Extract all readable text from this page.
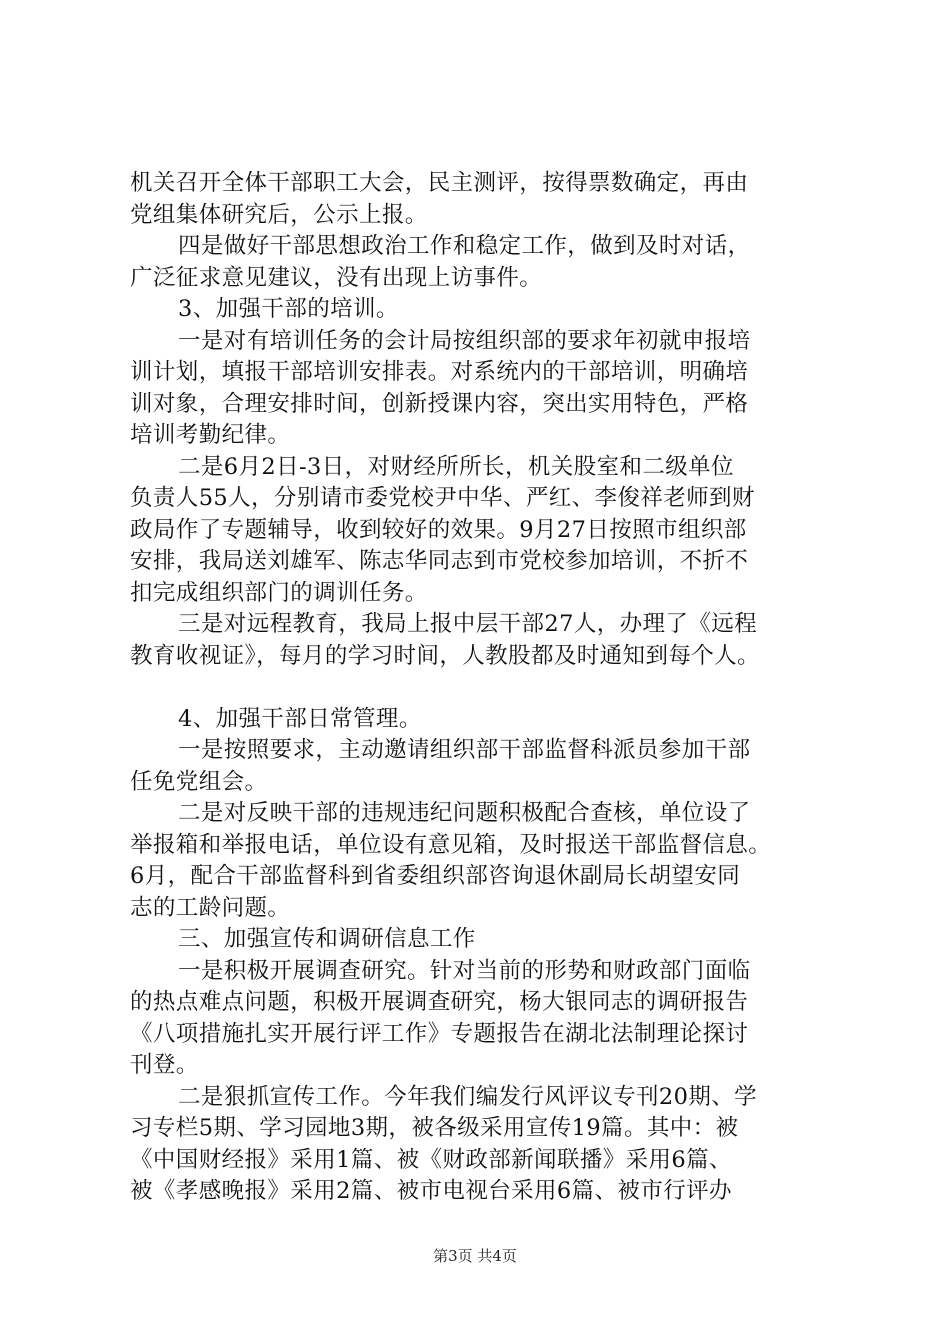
机关召开全体干部职工大会，民主测评，按得票数确定，再由
党组集体研究后，公示上报。
四是做好干部思想政治工作和稳定工作，做到及时对话，
广泛征求意见建议，没有出现上访事件。
3、加强干部的培训。
一是对有培训任务的会计局按组织部的要求年初就申报培
训计划，填报干部培训安排表。对系统内的干部培训，明确培
训对象，合理安排时间，创新授课内容，突出实用特色，严格
培训考勤纪律。
二是6月2日-3日，对财经所所长，机关股室和二级单位
负责人55人，分别请市委党校尹中华、严红、李俊祥老师到财
政局作了专题辅导，收到较好的效果。9月27日按照市组织部
安排，我局送刘雄军、陈志华同志到市党校参加培训，不折不
扣完成组织部门的调训任务。
三是对远程教育，我局上报中层干部27人，办理了《远程
教育收视证》，每月的学习时间，人教股都及时通知到每个人。
4、加强干部日常管理。
一是按照要求，主动邀请组织部干部监督科派员参加干部
任免党组会。
二是对反映干部的违规违纪问题积极配合查核，单位设了
举报箱和举报电话，单位设有意见箱，及时报送干部监督信息。
6月，配合干部监督科到省委组织部咨询退休副局长胡望安同
志的工龄问题。
三、加强宣传和调研信息工作
一是积极开展调查研究。针对当前的形势和财政部门面临
的热点难点问题，积极开展调查研究，杨大银同志的调研报告
《八项措施扎实开展行评工作》专题报告在湖北法制理论探讨
刊登。
二是狠抓宣传工作。今年我们编发行风评议专刊20期、学
习专栏5期、学习园地3期，被各级采用宣传19篇。其中：被
《中国财经报》采用1篇、被《财政部新闻联播》采用6篇、
被《孝感晚报》采用2篇、被市电视台采用6篇、被市行评办
第3页 共4页
